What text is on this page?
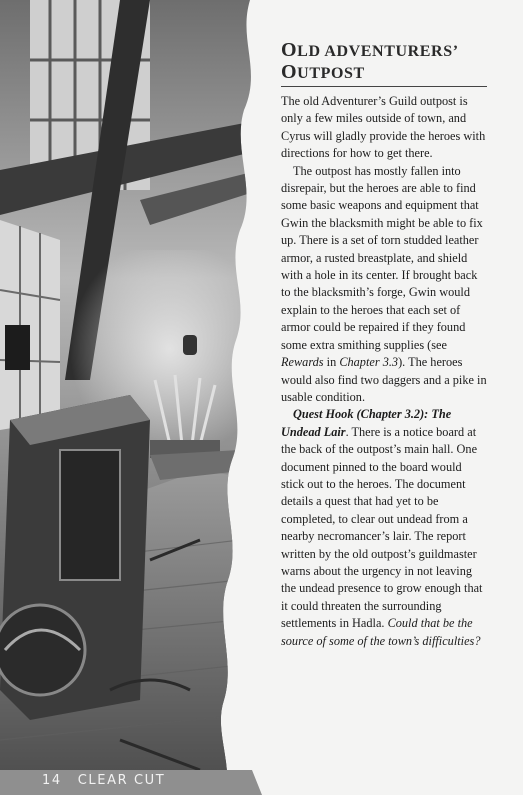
OLD ADVENTURERS’
OUTPOST

The old Adventurer’s Guild outpost is only a few miles outside of town, and Cyrus will gladly provide the heroes with directions for how to get there.

The outpost has mostly fallen into disrepair, but the heroes are able to find some basic weapons and equipment that Gwin the blacksmith might be able to fix up. There is a set of torn studded leather armor, a rusted breastplate, and shield with a hole in its center. If brought back to the blacksmith’s forge, Gwin would explain to the heroes that each set of armor could be repaired if they found some extra smithing supplies (see Rewards in Chapter 3.3). The heroes would also find two daggers and a pike in usable condition.

Quest Hook (Chapter 3.2): The Undead Lair. There is a notice board at the back of the outpost’s main hall. One document pinned to the board would stick out to the heroes. The document details a quest that had yet to be completed, to clear out undead from a nearby necromancer’s lair. The report written by the old outpost’s guildmaster warns about the urgency in not leaving the undead presence to grow enough that it could threaten the surrounding settlements in Hadla. Could that be the source of some of the town’s difficulties?

14 CLEAR CUT
